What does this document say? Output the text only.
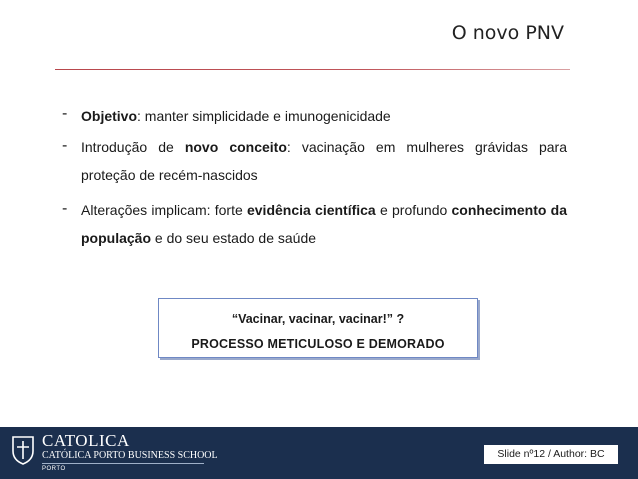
O novo PNV
- Objetivo: manter simplicidade e imunogenicidade
- Introdução de novo conceito: vacinação em mulheres grávidas para proteção de recém-nascidos
- Alterações implicam: forte evidência científica e profundo conhecimento da população e do seu estado de saúde
“Vacinar, vacinar, vacinar!” ?
PROCESSO METICULOSO E DEMORADO
CATOLICA
CATÓLICA PORTO BUSINESS SCHOOL
PORTO
Slide nº12 / Author: BC
